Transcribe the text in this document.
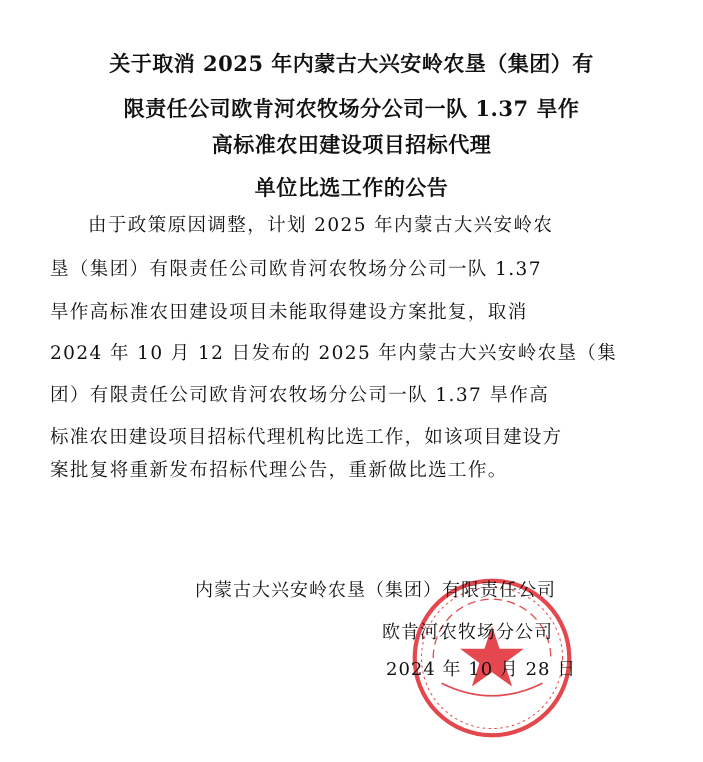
关于取消 2025 年内蒙古大兴安岭农垦（集团）有
限责任公司欧肯河农牧场分公司一队 1.37 旱作
高标准农田建设项目招标代理
单位比选工作的公告
由于政策原因调整，计划 2025 年内蒙古大兴安岭农
垦（集团）有限责任公司欧肯河农牧场分公司一队 1.37
旱作高标准农田建设项目未能取得建设方案批复，取消
2024 年 10 月 12 日发布的 2025 年内蒙古大兴安岭农垦（集
团）有限责任公司欧肯河农牧场分公司一队 1.37 旱作高
标准农田建设项目招标代理机构比选工作，如该项目建设方
案批复将重新发布招标代理公告，重新做比选工作。
内蒙古大兴安岭农垦（集团）有限责任公司
欧肯河农牧场分公司
2024 年 10 月 28 日
